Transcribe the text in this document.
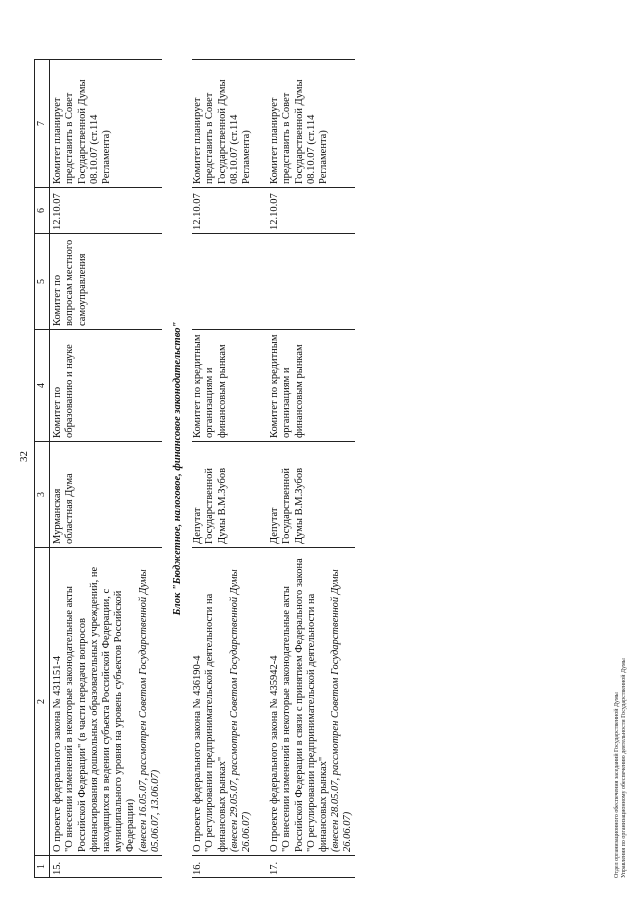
32
1	2	3	4	5	6	7
15.	О проекте федерального закона № 431151-4 "О внесении изменений в некоторые законодательные акты Российской Федерации" (в части передачи вопросов финансирования дошкольных образовательных учреждений, не находящихся в ведении субъекта Российской Федерации, с муниципального уровня на уровень субъектов Российской Федерации) (внесен 16.05.07, рассмотрен Советом Государственной Думы 05.06.07, 13.06.07)	Мурманская областная Дума	Комитет по образованию и науке	Комитет по вопросам местного самоуправления	12.10.07	Комитет планирует представить в Совет Государственной Думы 08.10.07 (ст.114 Регламента)
Блок "Бюджетное, налоговое, финансовое законодательство"						
16.	О проекте федерального закона № 436190-4 "О регулировании предпринимательской деятельности на финансовых рынках" (внесен 29.05.07, рассмотрен Советом Государственной Думы 26.06.07)	Депутат Государственной Думы В.М.Зубов	Комитет по кредитным организациям и финансовым рынкам		12.10.07	Комитет планирует представить в Совет Государственной Думы 08.10.07 (ст.114 Регламента)

17.	О проекте федерального закона № 435942-4 "О внесении изменений в некоторые законодательные акты Российской Федерации в связи с принятием Федерального закона "О регулировании предпринимательской деятельности на финансовых рынках" (внесен 28.05.07, рассмотрен Советом Государственной Думы 26.06.07)	Депутат Государственной Думы В.М.Зубов	Комитет по кредитным организациям и финансовым рынкам		12.10.07	Комитет планирует представить в Совет Государственной Думы 08.10.07 (ст.114 Регламента)
Отдел организационного обеспечения заседаний Государственной Думы Управления по организационному обеспечению деятельности Государственной Думы
